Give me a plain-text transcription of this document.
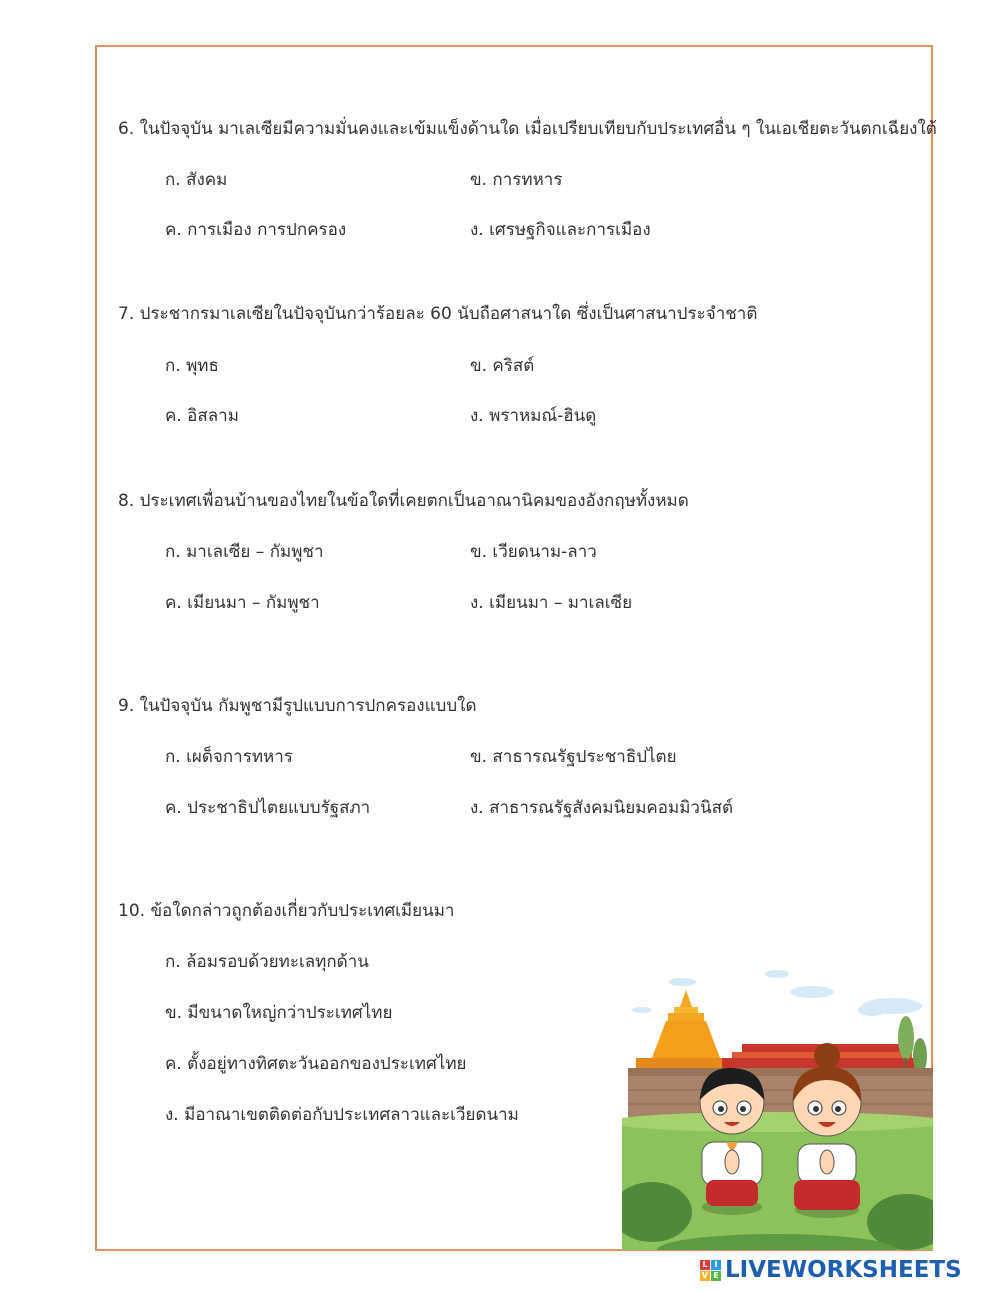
6. ในปัจจุบัน มาเลเซียมีความมั่นคงและเข้มแข็งด้านใด เมื่อเปรียบเทียบกับประเทศอื่น ๆ ในเอเชียตะวันตกเฉียงใต้
ก. สังคม	ข. การทหาร
ค. การเมือง การปกครอง	ง. เศรษฐกิจและการเมือง
7. ประชากรมาเลเซียในปัจจุบันกว่าร้อยละ 60 นับถือศาสนาใด ซึ่งเป็นศาสนาประจำชาติ
ก. พุทธ	ข. คริสต์
ค. อิสลาม	ง. พราหมณ์-ฮินดู
8. ประเทศเพื่อนบ้านของไทยในข้อใดที่เคยตกเป็นอาณานิคมของอังกฤษทั้งหมด
ก. มาเลเซีย – กัมพูชา	ข. เวียดนาม-ลาว
ค. เมียนมา – กัมพูชา	ง. เมียนมา – มาเลเซีย
9. ในปัจจุบัน กัมพูชามีรูปแบบการปกครองแบบใด
ก. เผด็จการทหาร	ข. สาธารณรัฐประชาธิปไตย
ค. ประชาธิปไตยแบบรัฐสภา	ง. สาธารณรัฐสังคมนิยมคอมมิวนิสต์
10. ข้อใดกล่าวถูกต้องเกี่ยวกับประเทศเมียนมา
ก. ล้อมรอบด้วยทะเลทุกด้าน
ข. มีขนาดใหญ่กว่าประเทศไทย
ค. ตั้งอยู่ทางทิศตะวันออกของประเทศไทย
ง. มีอาณาเขตติดต่อกับประเทศลาวและเวียดนาม
L I
V E LIVEWORKSHEETS
